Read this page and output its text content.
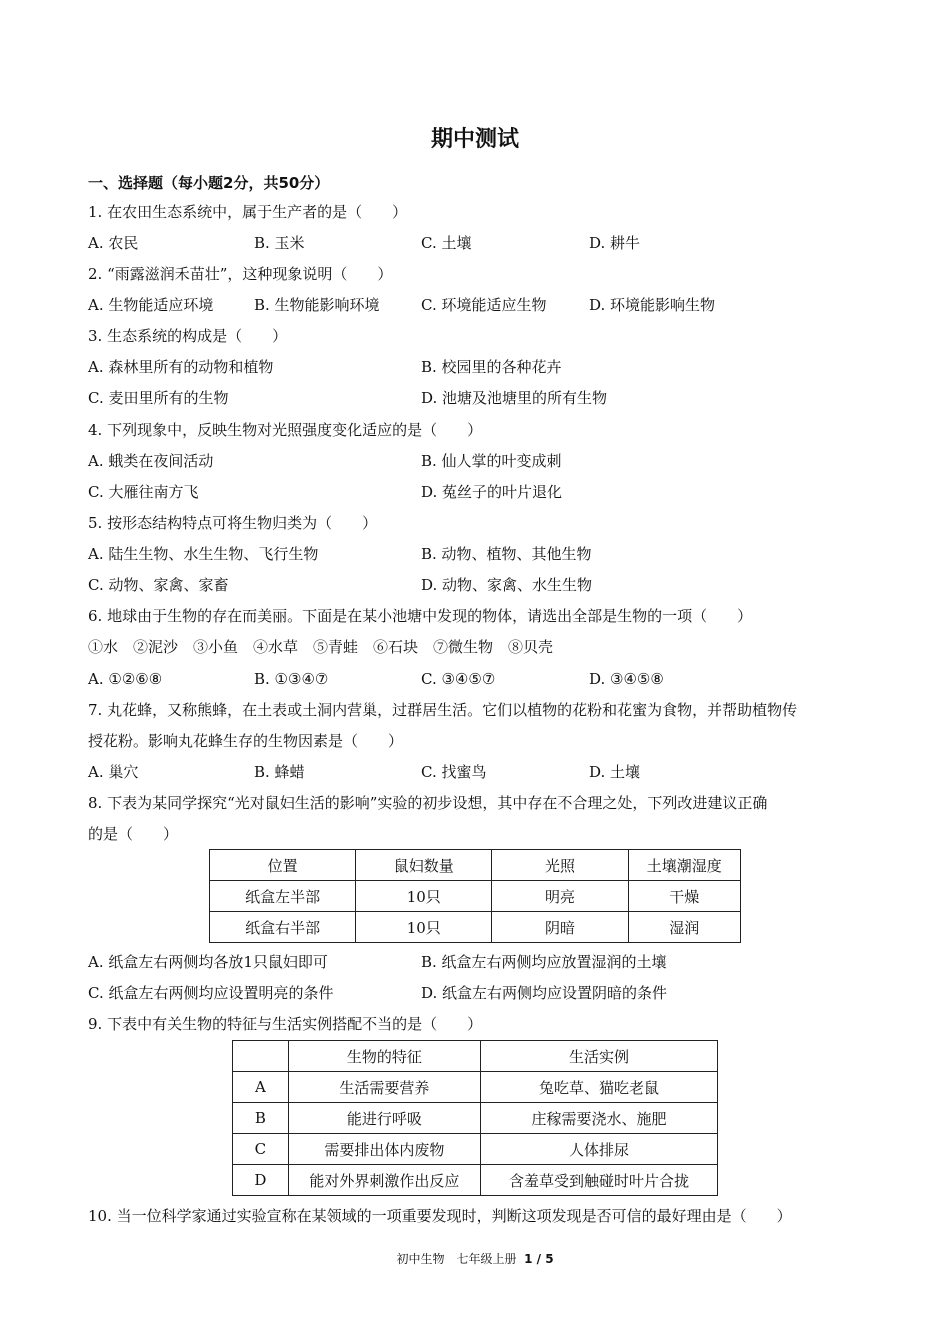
期中测试
一、选择题（每小题2分，共50分）
1. 在农田生态系统中，属于生产者的是（　　）
A. 农民	B. 玉米	C. 土壤	D. 耕牛
2. “雨露滋润禾苗壮”，这种现象说明（　　）
A. 生物能适应环境	B. 生物能影响环境	C. 环境能适应生物	D. 环境能影响生物
3. 生态系统的构成是（　　）
A. 森林里所有的动物和植物	B. 校园里的各种花卉
C. 麦田里所有的生物	D. 池塘及池塘里的所有生物
4. 下列现象中，反映生物对光照强度变化适应的是（　　）
A. 蛾类在夜间活动	B. 仙人掌的叶变成刺
C. 大雁往南方飞	D. 菟丝子的叶片退化
5. 按形态结构特点可将生物归类为（　　）
A. 陆生生物、水生生物、飞行生物	B. 动物、植物、其他生物
C. 动物、家禽、家畜	D. 动物、家禽、水生生物
6. 地球由于生物的存在而美丽。下面是在某小池塘中发现的物体，请选出全部是生物的一项（　　）
①水　②泥沙　③小鱼　④水草　⑤青蛙　⑥石块　⑦微生物　⑧贝壳
A. ①②⑥⑧	B. ①③④⑦	C. ③④⑤⑦	D. ③④⑤⑧
7. 丸花蜂，又称熊蜂，在土表或土洞内营巢，过群居生活。它们以植物的花粉和花蜜为食物，并帮助植物传
授花粉。影响丸花蜂生存的生物因素是（　　）
A. 巢穴	B. 蜂蜡	C. 找蜜鸟	D. 土壤
8. 下表为某同学探究“光对鼠妇生活的影响”实验的初步设想，其中存在不合理之处，下列改进建议正确
的是（　　）
位置	鼠妇数量	光照	土壤潮湿度
纸盒左半部	10只	明亮	干燥
纸盒右半部	10只	阴暗	湿润
A. 纸盒左右两侧均各放1只鼠妇即可	B. 纸盒左右两侧均应放置湿润的土壤
C. 纸盒左右两侧均应设置明亮的条件	D. 纸盒左右两侧均应设置阴暗的条件
9. 下表中有关生物的特征与生活实例搭配不当的是（　　）
	生物的特征	生活实例
A	生活需要营养	兔吃草、猫吃老鼠
B	能进行呼吸	庄稼需要浇水、施肥
C	需要排出体内废物	人体排尿
D	能对外界刺激作出反应	含羞草受到触碰时叶片合拢
10. 当一位科学家通过实验宣称在某领域的一项重要发现时，判断这项发现是否可信的最好理由是（　　）
初中生物　七年级上册 1 / 5
